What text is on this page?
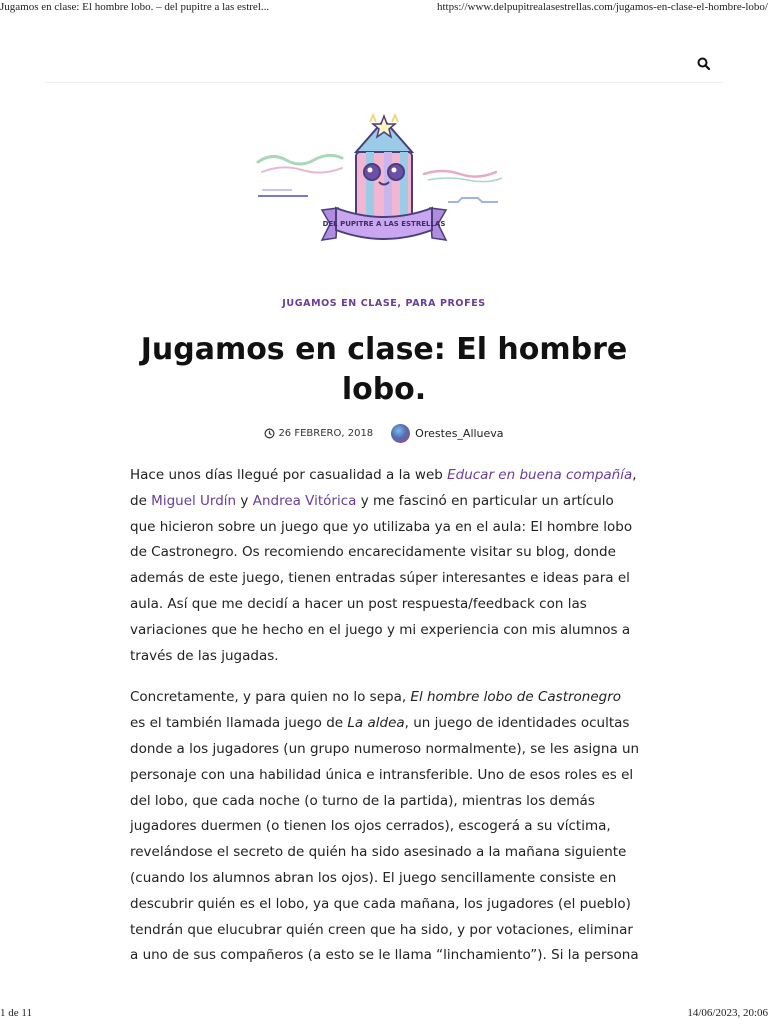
Jugamos en clase: El hombre lobo. – del pupitre a las estrel...	https://www.delpupitrealasestrellas.com/jugamos-en-clase-el-hombre-lobo/
DEL PUPITRE A LAS ESTRELLAS
JUGAMOS EN CLASE, PARA PROFES
Jugamos en clase: El hombre lobo.
26 FEBRERO, 2018	Orestes_Allueva

Hace unos días llegué por casualidad a la web Educar en buena compañía, de Miguel Urdín y Andrea Vitórica y me fascinó en particular un artículo que hicieron sobre un juego que yo utilizaba ya en el aula: El hombre lobo de Castronegro. Os recomiendo encarecidamente visitar su blog, donde además de este juego, tienen entradas súper interesantes e ideas para el aula. Así que me decidí a hacer un post respuesta/feedback con las variaciones que he hecho en el juego y mi experiencia con mis alumnos a través de las jugadas.

Concretamente, y para quien no lo sepa, El hombre lobo de Castronegro es el también llamada juego de La aldea, un juego de identidades ocultas donde a los jugadores (un grupo numeroso normalmente), se les asigna un personaje con una habilidad única e intransferible. Uno de esos roles es el del lobo, que cada noche (o turno de la partida), mientras los demás jugadores duermen (o tienen los ojos cerrados), escogerá a su víctima, revelándose el secreto de quién ha sido asesinado a la mañana siguiente (cuando los alumnos abran los ojos). El juego sencillamente consiste en descubrir quién es el lobo, ya que cada mañana, los jugadores (el pueblo) tendrán que elucubrar quién creen que ha sido, y por votaciones, eliminar a uno de sus compañeros (a esto se le llama “linchamiento”). Si la persona

1 de 11	14/06/2023, 20:06
